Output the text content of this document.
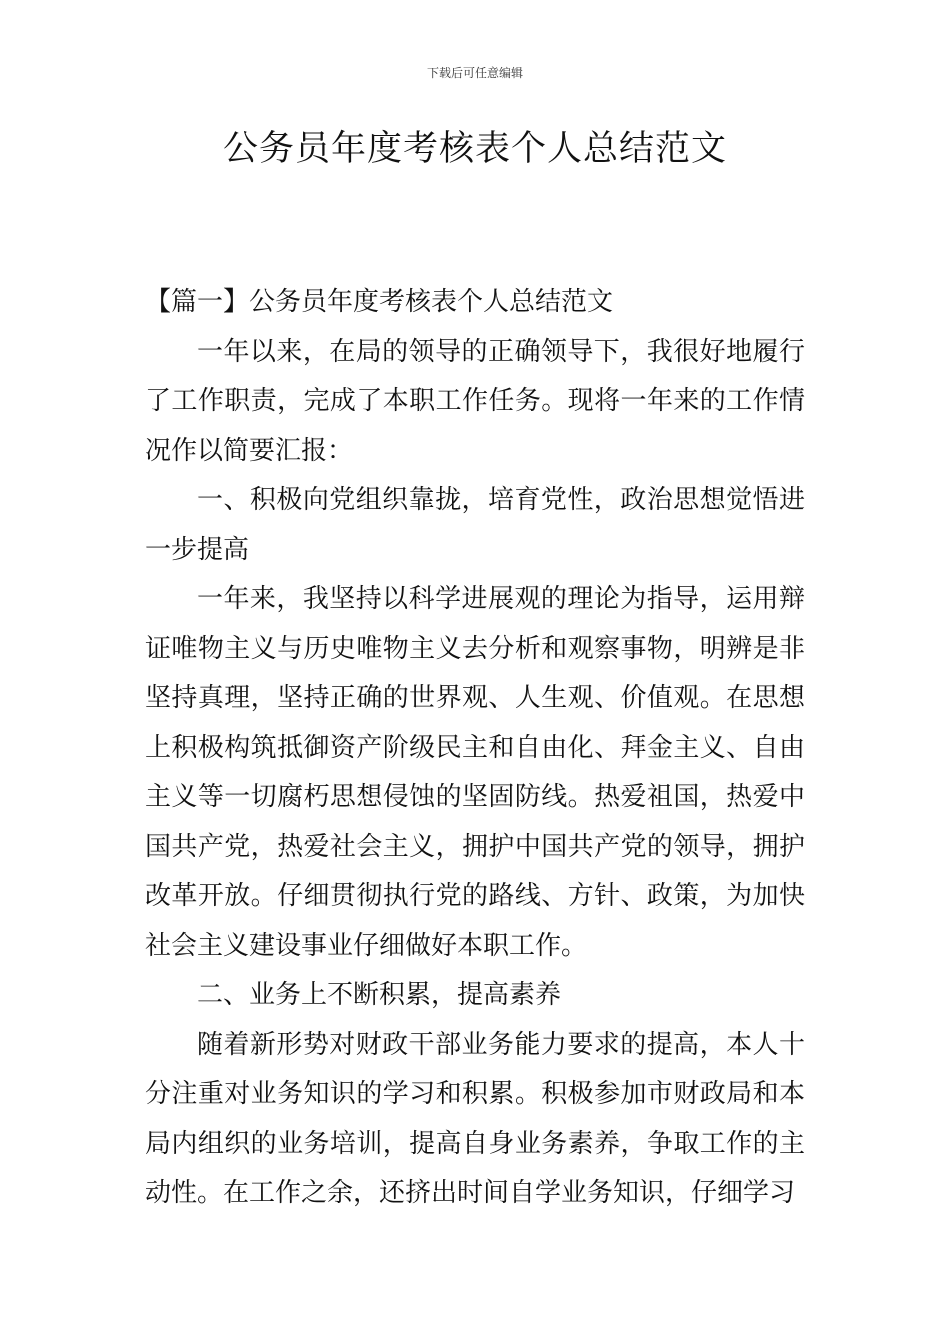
下载后可任意编辑
公务员年度考核表个人总结范文

【篇一】公务员年度考核表个人总结范文

一年以来，在局的领导的正确领导下，我很好地履行了工作职责，完成了本职工作任务。现将一年来的工作情况作以简要汇报：

一、积极向党组织靠拢，培育党性，政治思想觉悟进一步提高

一年来，我坚持以科学进展观的理论为指导，运用辩证唯物主义与历史唯物主义去分析和观察事物，明辨是非坚持真理，坚持正确的世界观、人生观、价值观。在思想上积极构筑抵御资产阶级民主和自由化、拜金主义、自由主义等一切腐朽思想侵蚀的坚固防线。热爱祖国，热爱中国共产党，热爱社会主义，拥护中国共产党的领导，拥护改革开放。仔细贯彻执行党的路线、方针、政策，为加快社会主义建设事业仔细做好本职工作。

二、业务上不断积累，提高素养

随着新形势对财政干部业务能力要求的提高，本人十分注重对业务知识的学习和积累。积极参加市财政局和本局内组织的业务培训，提高自身业务素养，争取工作的主动性。在工作之余，还挤出时间自学业务知识，仔细学习
